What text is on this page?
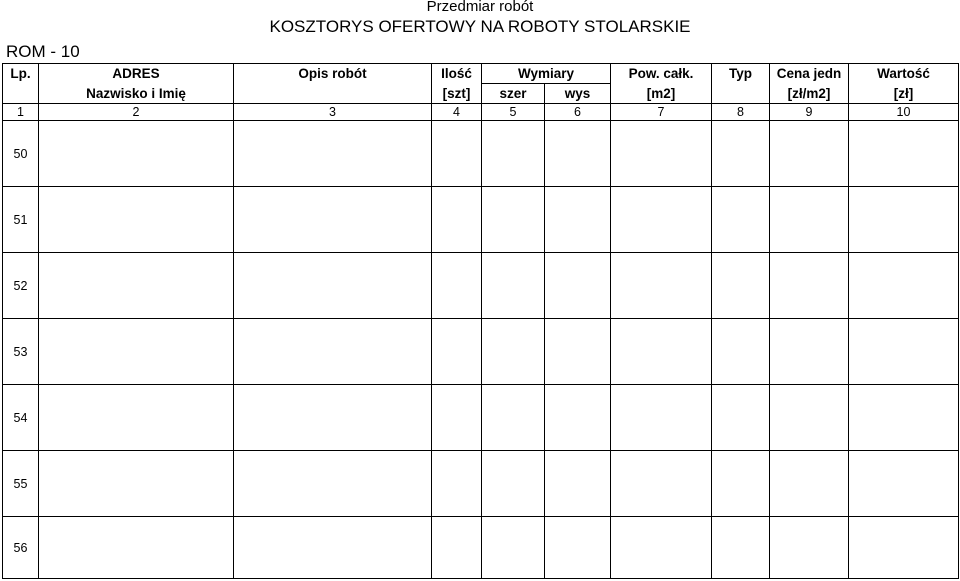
Przedmiar robót
KOSZTORYS OFERTOWY NA ROBOTY STOLARSKIE
ROM - 10
Lp.	ADRES	Opis robót	Ilość	Wymiary		Pow. całk.	Typ	Cena jedn	Wartość
	Nazwisko i Imię		[szt]	szer	wys	[m2]		[zł/m2]	[zł]
1	2	3	4	5	6	7	8	9	10
50									
51									
52									
53									
54									
55									
56									
